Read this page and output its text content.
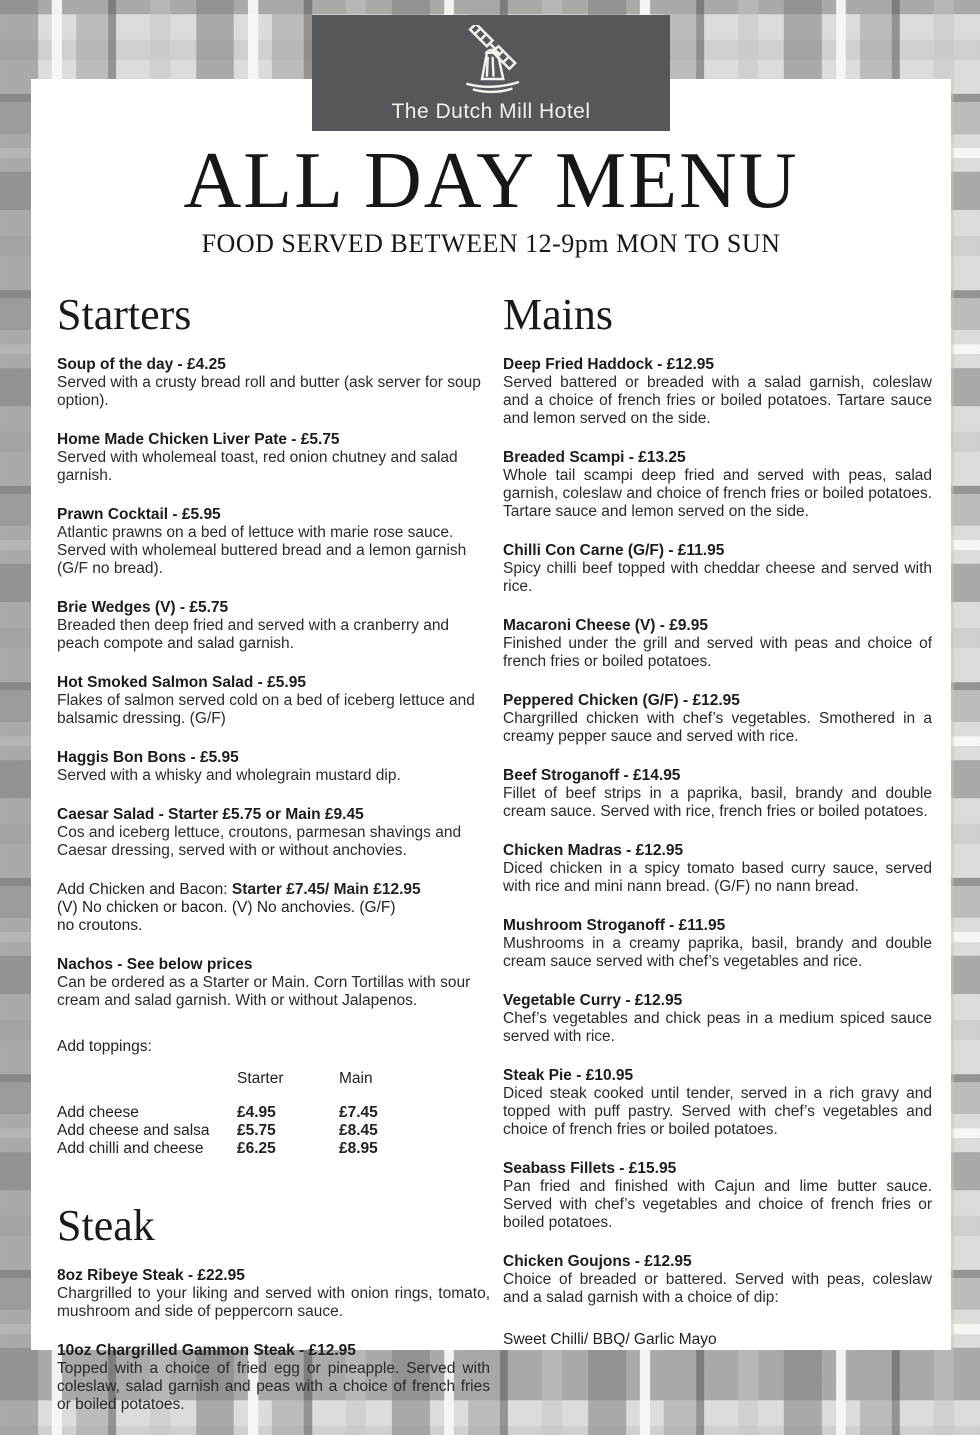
ALL DAY MENU
FOOD SERVED BETWEEN 12-9pm MON TO SUN
Starters
Soup of the day - £4.25
Served with a crusty bread roll and butter (ask server for soup option).
Home Made Chicken Liver Pate - £5.75
Served with wholemeal toast, red onion chutney and salad garnish.
Prawn Cocktail - £5.95
Atlantic prawns on a bed of lettuce with marie rose sauce. Served with wholemeal buttered bread and a lemon garnish (G/F no bread).
Brie Wedges (V) - £5.75
Breaded then deep fried and served with a cranberry and peach compote and salad garnish.
Hot Smoked Salmon Salad - £5.95
Flakes of salmon served cold on a bed of iceberg lettuce and balsamic dressing. (G/F)
Haggis Bon Bons - £5.95
Served with a whisky and wholegrain mustard dip.
Caesar Salad - Starter £5.75 or Main £9.45
Cos and iceberg lettuce, croutons, parmesan shavings and Caesar dressing, served with or without anchovies.
Add Chicken and Bacon: Starter £7.45/ Main £12.95
(V) No chicken or bacon. (V) No anchovies. (G/F)
no croutons.
Nachos - See below prices
Can be ordered as a Starter or Main. Corn Tortillas with sour cream and salad garnish. With or without Jalapenos.
Add toppings:
Starter	Main
Add cheese	£4.95	£7.45
Add cheese and salsa	£5.75	£8.45
Add chilli and cheese	£6.25	£8.95
Steak
8oz Ribeye Steak - £22.95
Chargrilled to your liking and served with onion rings, tomato, mushroom and side of peppercorn sauce.
10oz Chargrilled Gammon Steak - £12.95
Topped with a choice of fried egg or pineapple. Served with coleslaw, salad garnish and peas with a choice of french fries or boiled potatoes.
Mains
Deep Fried Haddock - £12.95
Served battered or breaded with a salad garnish, coleslaw and a choice of french fries or boiled potatoes. Tartare sauce and lemon served on the side.
Breaded Scampi - £13.25
Whole tail scampi deep fried and served with peas, salad garnish, coleslaw and choice of french fries or boiled potatoes. Tartare sauce and lemon served on the side.
Chilli Con Carne (G/F) - £11.95
Spicy chilli beef topped with cheddar cheese and served with rice.
Macaroni Cheese (V) - £9.95
Finished under the grill and served with peas and choice of french fries or boiled potatoes.
Peppered Chicken (G/F) - £12.95
Chargrilled chicken with chef’s vegetables. Smothered in a creamy pepper sauce and served with rice.
Beef Stroganoff - £14.95
Fillet of beef strips in a paprika, basil, brandy and double cream sauce. Served with rice, french fries or boiled potatoes.
Chicken Madras - £12.95
Diced chicken in a spicy tomato based curry sauce, served with rice and mini nann bread. (G/F) no nann bread.
Mushroom Stroganoff - £11.95
Mushrooms in a creamy paprika, basil, brandy and double cream sauce served with chef’s vegetables and rice.
Vegetable Curry - £12.95
Chef’s vegetables and chick peas in a medium spiced sauce served with rice.
Steak Pie - £10.95
Diced steak cooked until tender, served in a rich gravy and topped with puff pastry. Served with chef’s vegetables and choice of french fries or boiled potatoes.
Seabass Fillets - £15.95
Pan fried and finished with Cajun and lime butter sauce. Served with chef’s vegetables and choice of french fries or boiled potatoes.
Chicken Goujons - £12.95
Choice of breaded or battered. Served with peas, coleslaw and a salad garnish with a choice of dip:
Sweet Chilli/ BBQ/ Garlic Mayo
The Dutch Mill Hotel
